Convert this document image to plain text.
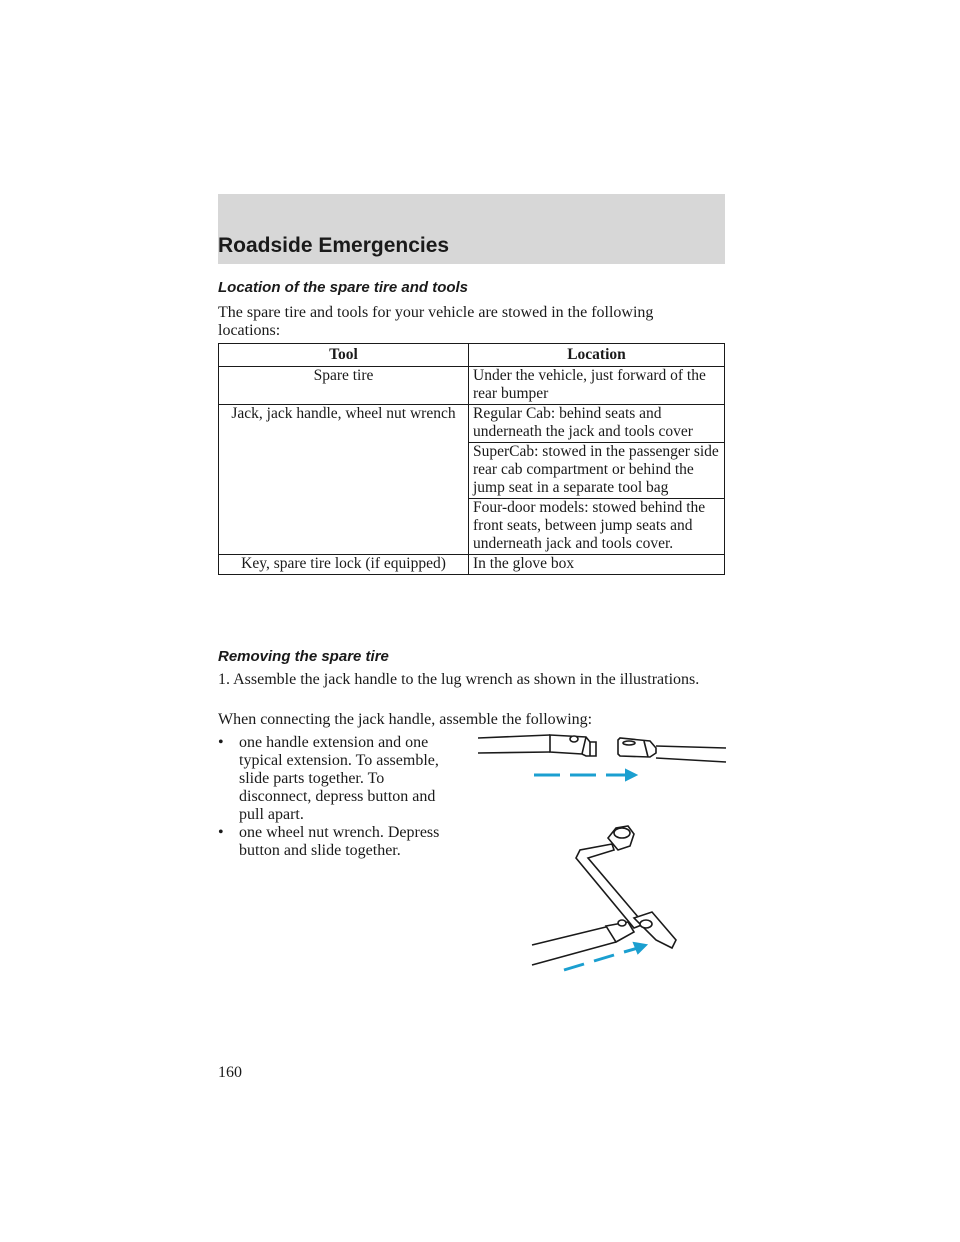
Roadside Emergencies
Location of the spare tire and tools

The spare tire and tools for your vehicle are stowed in the following locations:

Tool	Location
Spare tire	Under the vehicle, just forward of the rear bumper
Jack, jack handle, wheel nut wrench	Regular Cab: behind seats and underneath the jack and tools cover
	SuperCab: stowed in the passenger side rear cab compartment or behind the jump seat in a separate tool bag
	Four-door models: stowed behind the front seats, between jump seats and underneath jack and tools cover.
Key, spare tire lock (if equipped)	In the glove box
Removing the spare tire

1. Assemble the jack handle to the lug wrench as shown in the illustrations.

When connecting the jack handle, assemble the following:

• one handle extension and one typical extension. To assemble, slide parts together. To disconnect, depress button and pull apart.
• one wheel nut wrench. Depress button and slide together.
160
